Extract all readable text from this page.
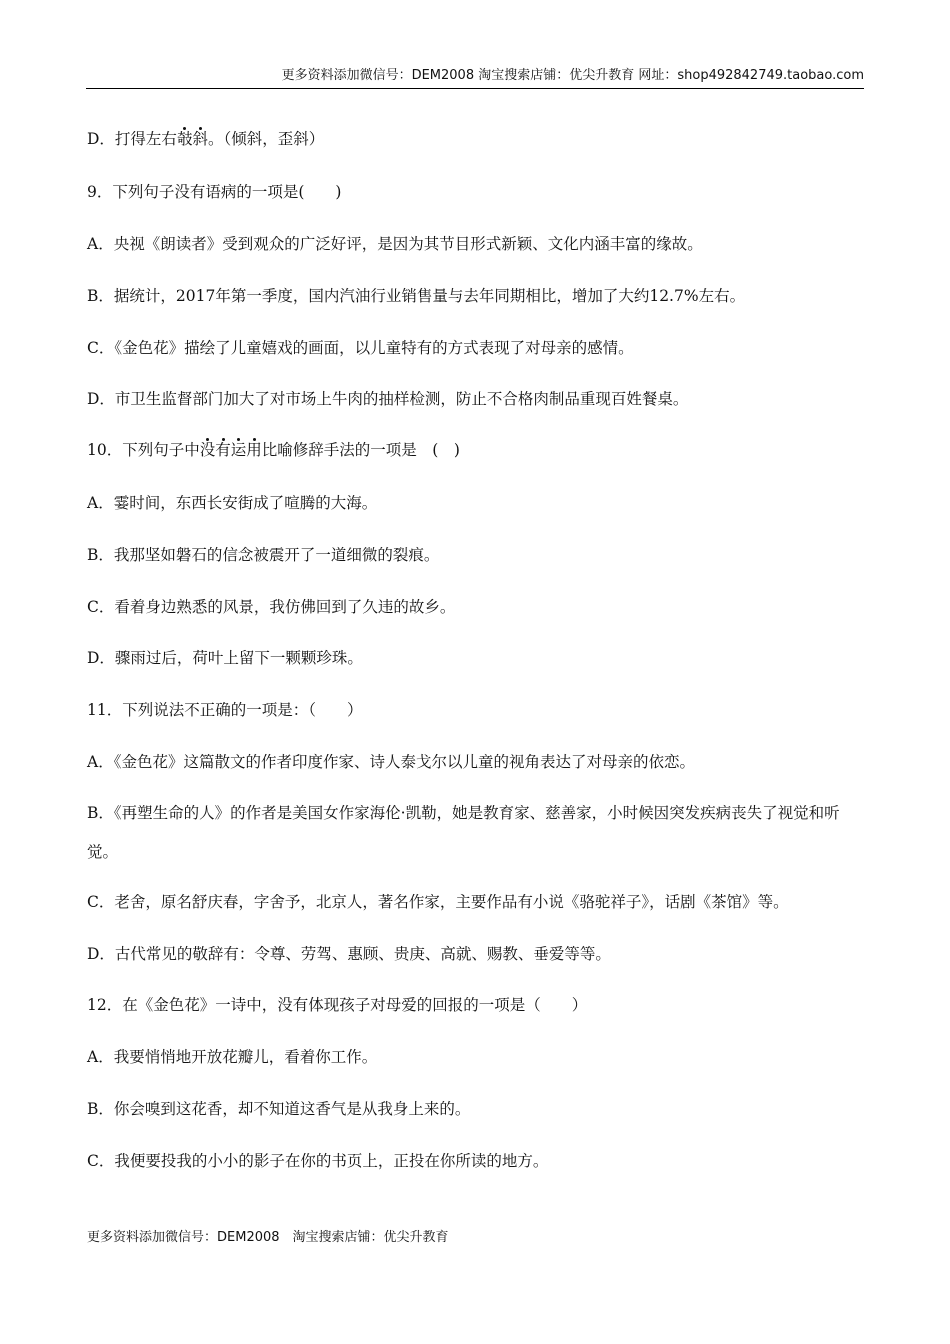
更多资料添加微信号：DEM2008 淘宝搜索店铺：优尖升教育 网址：shop492842749.taobao.com
D．打得左右攲斜。（倾斜，歪斜）
9．下列句子没有语病的一项是(　　)
A．央视《朗读者》受到观众的广泛好评，是因为其节目形式新颖、文化内涵丰富的缘故。
B．据统计，2017年第一季度，国内汽油行业销售量与去年同期相比，增加了大约12.7%左右。
C．《金色花》描绘了儿童嬉戏的画面，以儿童特有的方式表现了对母亲的感情。
D．市卫生监督部门加大了对市场上牛肉的抽样检测，防止不合格肉制品重现百姓餐桌。
10．下列句子中没有运用比喻修辞手法的一项是　(　)
A．霎时间，东西长安街成了喧腾的大海。
B．我那坚如磐石的信念被震开了一道细微的裂痕。
C．看着身边熟悉的风景，我仿佛回到了久违的故乡。
D．骤雨过后，荷叶上留下一颗颗珍珠。
11．下列说法不正确的一项是：（　　）
A．《金色花》这篇散文的作者印度作家、诗人泰戈尔以儿童的视角表达了对母亲的依恋。
B．《再塑生命的人》的作者是美国女作家海伦·凯勒，她是教育家、慈善家，小时候因突发疾病丧失了视觉和听觉。
C．老舍，原名舒庆春，字舍予，北京人，著名作家，主要作品有小说《骆驼祥子》，话剧《茶馆》等。
D．古代常见的敬辞有：令尊、劳驾、惠顾、贵庚、高就、赐教、垂爱等等。
12．在《金色花》一诗中，没有体现孩子对母爱的回报的一项是（　　）
A．我要悄悄地开放花瓣儿，看着你工作。
B．你会嗅到这花香，却不知道这香气是从我身上来的。
C．我便要投我的小小的影子在你的书页上，正投在你所读的地方。
更多资料添加微信号：DEM2008　淘宝搜索店铺：优尖升教育
